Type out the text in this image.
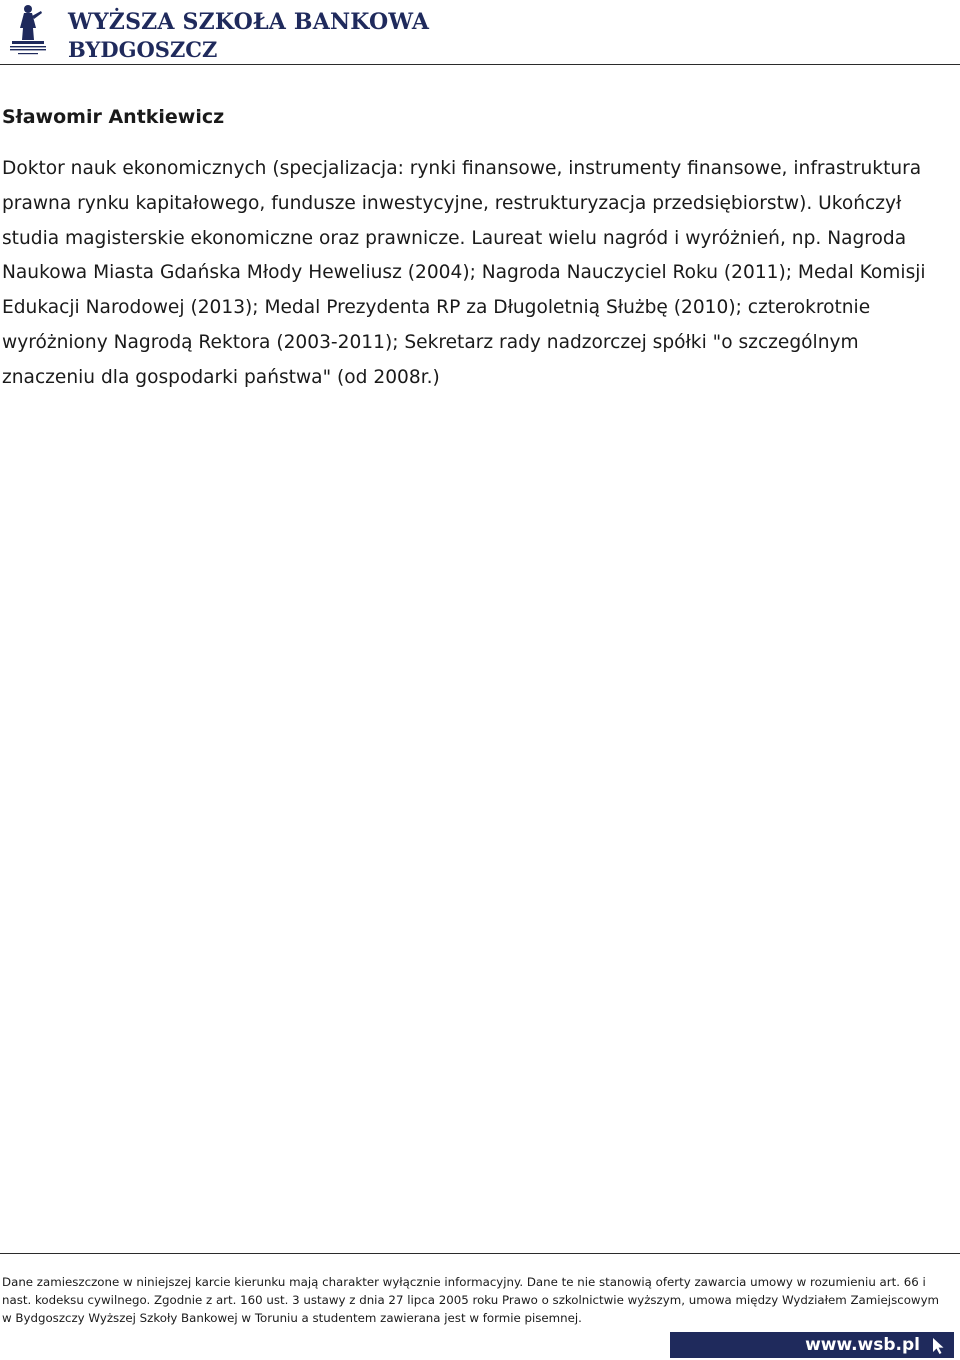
WYŻSZA SZKOŁA BANKOWA
BYDGOSZCZ
Sławomir Antkiewicz

Doktor nauk ekonomicznych (specjalizacja: rynki finansowe, instrumenty finansowe, infrastruktura prawna rynku kapitałowego, fundusze inwestycyjne, restrukturyzacja przedsiębiorstw). Ukończył studia magisterskie ekonomiczne oraz prawnicze. Laureat wielu nagród i wyróżnień, np. Nagroda Naukowa Miasta Gdańska Młody Heweliusz (2004); Nagroda Nauczyciel Roku (2011); Medal Komisji Edukacji Narodowej (2013); Medal Prezydenta RP za Długoletnią Służbę (2010); czterokrotnie wyróżniony Nagrodą Rektora (2003-2011); Sekretarz rady nadzorczej spółki "o szczególnym znaczeniu dla gospodarki państwa" (od 2008r.)

Dane zamieszczone w niniejszej karcie kierunku mają charakter wyłącznie informacyjny. Dane te nie stanowią oferty zawarcia umowy w rozumieniu art. 66 i nast. kodeksu cywilnego. Zgodnie z art. 160 ust. 3 ustawy z dnia 27 lipca 2005 roku Prawo o szkolnictwie wyższym, umowa między Wydziałem Zamiejscowym w Bydgoszczy Wyższej Szkoły Bankowej w Toruniu a studentem zawierana jest w formie pisemnej.

www.wsb.pl
